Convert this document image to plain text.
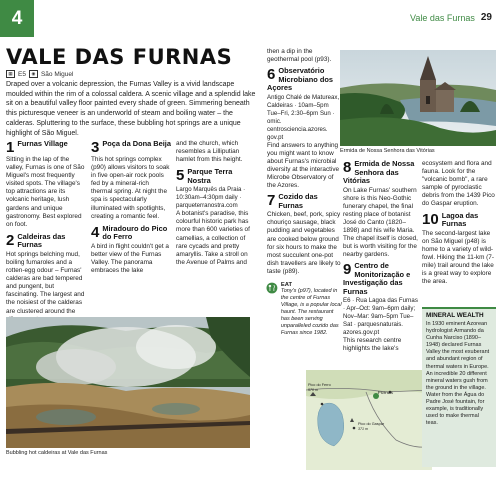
4	Vale das Furnas 29
VALE DAS FURNAS
▦ E5	◉ São Miguel
Draped over a volcanic depression, the Furnas Valley is a vivid landscape moulded within the rim of a colossal caldera. A scenic village and a splendid lake sit on a beautiful valley floor painted every shade of green. Simmering beneath this picturesque veneer is an underworld of steam and boiling water – the calderas. Spluttering to the surface, these bubbling hot springs are a unique highlight of São Miguel.
1 Furnas Village
Sitting in the lap of the valley, Furnas is one of São Miguel's most frequently visited spots. The village's top attractions are its volcanic heritage, lush gardens and unique gastronomy. Best explored on foot.
2 Caldeiras das Furnas
Hot springs belching mud, boiling fumaroles and a rotten-egg odour – Furnas' calderas are bad tempered and pungent, but fascinating. The largest and the noisiest of the calderas are clustered around the
3 Poça da Dona Beija
This hot springs complex (p90) allows visitors to soak in five open-air rock pools fed by a mineral-rich thermal spring. At night the spa is spectacularly illuminated with spotlights, creating a romantic feel.
4 Miradouro do Pico do Ferro
A bird in flight couldn't get a better view of the Furnas Valley. The panorama embraces the lake
and the church, which resembles a Lilliputian hamlet from this height.
5 Parque Terra Nostra
Largo Marquês da Praia · 10:30am–4:30pm daily · parqueterranostra.com
A botanist's paradise, this colourful historic park has more than 600 varieties of camellias, a collection of rare cycads and pretty amaryllis. Take a stroll on the Avenue of Palms and
then a dip in the geothermal pool (p93).
6 Observatório Microbiano dos Açores
Antigo Chalé de Matureax, Caldeiras · 10am–5pm Tue–Fri, 2:30–6pm Sun · omic. centrosciencia.azores. gov.pt
Find answers to anything you might want to know about Furnas's microbial diversity at the interactive Microbe Observatory of the Azores.
7 Cozido das Furnas
Chicken, beef, pork, spicy chouriço sausage, black pudding and vegetables are cooked below ground for six hours to make the most succulent one-pot dish travellers are likely to taste (p89).
EAT
Tony's (p97), located in the centre of Furnas Village, is a popular local haunt. The restaurant has been serving unparalleled cozido das Furnas since 1982.
8 Ermida de Nossa Senhora das Vitórias
On Lake Furnas' southern shore is this Neo-Gothic funerary chapel, the final resting place of botanist José do Canto (1820–1898) and his wife Maria. The chapel itself is closed, but is worth visiting for the nearby gardens.
9 Centro de Monitorização e Investigação das Furnas
E6 · Rua Lagoa das Furnas · Apr–Oct: 9am–6pm daily; Nov–Mar: 9am–5pm Tue–Sat · parquesnaturais. azores.gov.pt
This research centre highlights the lake's
ecosystem and flora and fauna. Look for the "volcanic bomb", a rare sample of pyroclastic debris from the 1439 Pico do Gaspar eruption.
10 Lagoa das Furnas
The second-largest lake on São Miguel (p48) is home to a variety of wild-fowl. Hiking the 11-km (7-mile) trail around the lake is a great way to explore the area.
Ermida de Nossa Senhora das Vitórias
Bubbling hot caldeiras at Vale das Furnas
Furnas
Pico do Ferro
570 m
Pico do Gaspar
371 m
MINERAL WEALTH
In 1930 eminent Azorean hydrologist Armando da Cunha Narciso (1890–1948) declared Furnas Valley the most exuberant and abundant region of thermal waters in Europe. An incredible 20 different mineral waters gush from the ground in the village. Water from the Água do Padre José fountain, for example, is traditionally used to make thermal teas.
